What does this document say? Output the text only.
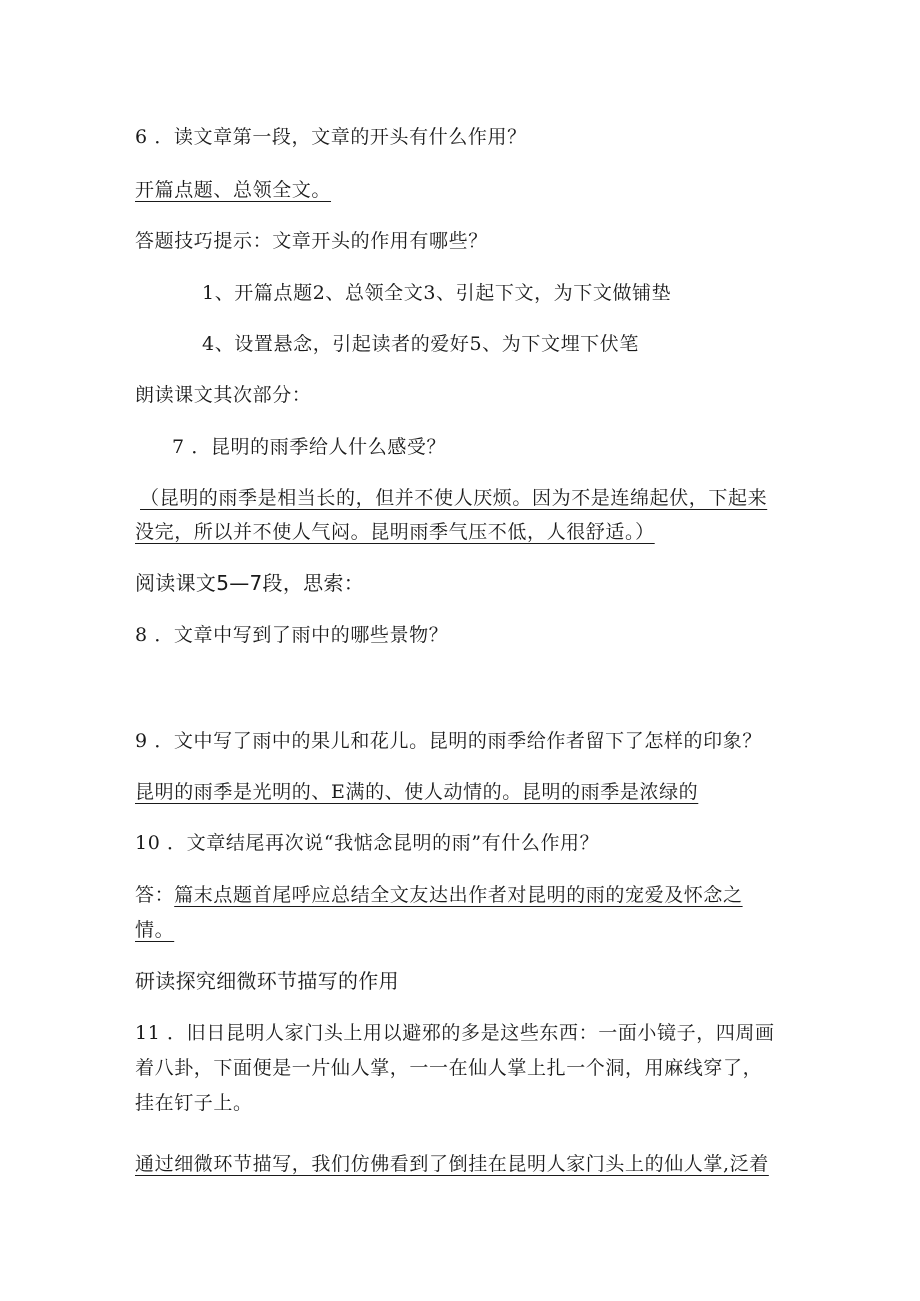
6 ．读文章第一段，文章的开头有什么作用？

开篇点题、总领全文。

答题技巧提示：文章开头的作用有哪些？

1、开篇点题2、总领全文3、引起下文，为下文做铺垫

4、设置悬念，引起读者的爱好5、为下文埋下伏笔

朗读课文其次部分：

7 ．昆明的雨季给人什么感受？

（昆明的雨季是相当长的，但并不使人厌烦。因为不是连绵起伏，下起来

没完，所以并不使人气闷。昆明雨季气压不低，人很舒适。）

阅读课文5—7段，思索：

8 ．文章中写到了雨中的哪些景物？

9 ．文中写了雨中的果儿和花儿。昆明的雨季给作者留下了怎样的印象？

昆明的雨季是光明的、E满的、使人动情的。昆明的雨季是浓绿的

10 ．文章结尾再次说“我惦念昆明的雨”有什么作用？

答：篇末点题首尾呼应总结全文友达出作者对昆明的雨的宠爱及怀念之

情。

研读探究细微环节描写的作用

11 ．旧日昆明人家门头上用以避邪的多是这些东西：一面小镜子，四周画

着八卦，下面便是一片仙人掌，一一在仙人掌上扎一个洞，用麻线穿了，

挂在钉子上。

通过细微环节描写，我们仿佛看到了倒挂在昆明人家门头上的仙人掌,泛着
